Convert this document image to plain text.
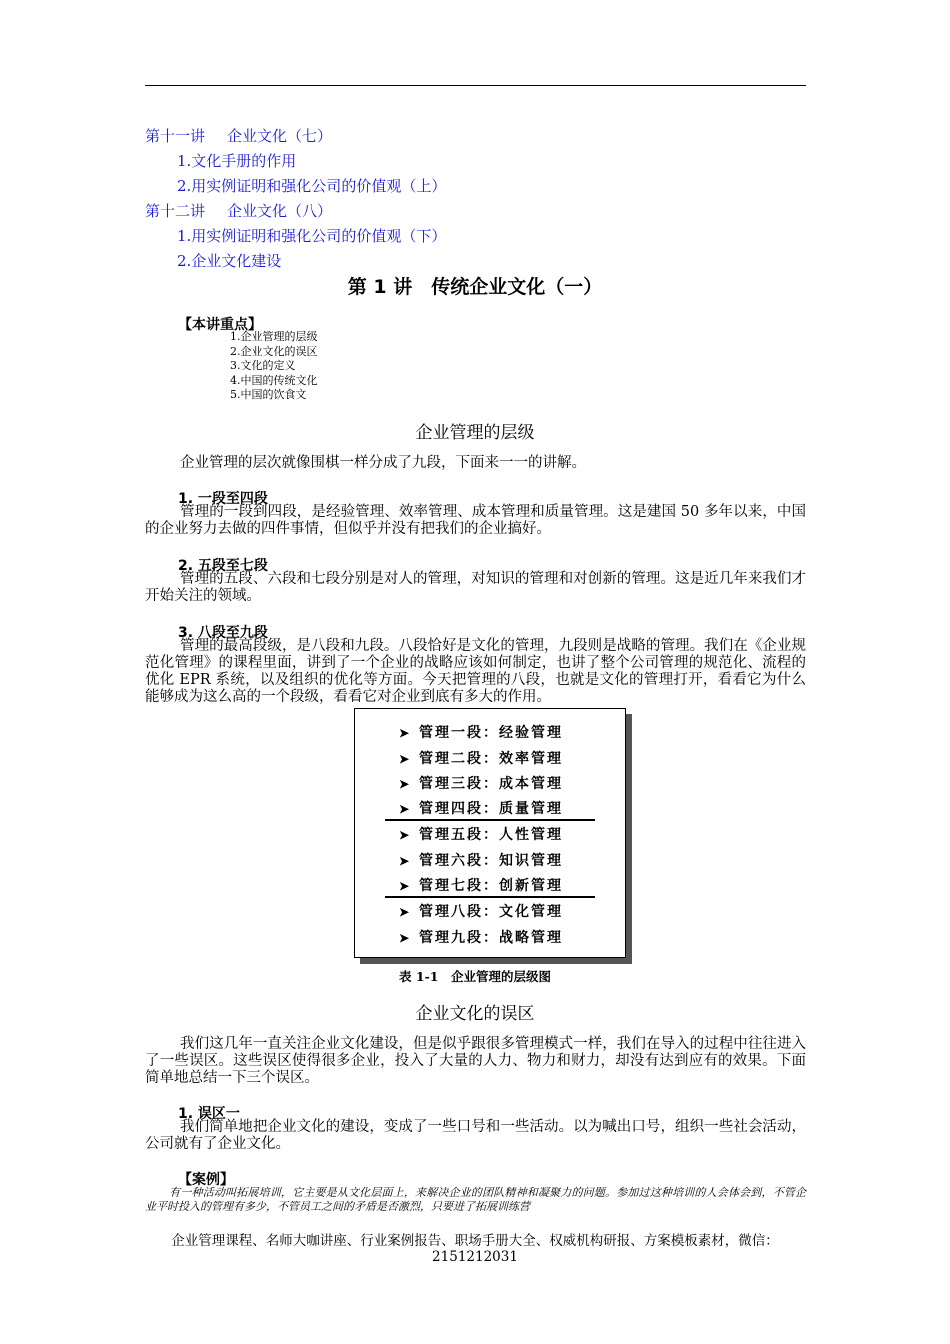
第十一讲 企业文化（七）
1.文化手册的作用
2.用实例证明和强化公司的价值观（上）
第十二讲 企业文化（八）
1.用实例证明和强化公司的价值观（下）
2.企业文化建设
第 1 讲　传统企业文化（一）
【本讲重点】
1.企业管理的层级
2.企业文化的误区
3.文化的定义
4.中国的传统文化
5.中国的饮食文
企业管理的层级
企业管理的层次就像围棋一样分成了九段，下面来一一的讲解。
1. 一段至四段
管理的一段到四段，是经验管理、效率管理、成本管理和质量管理。这是建国 50 多年以来，中国的企业努力去做的四件事情，但似乎并没有把我们的企业搞好。
2. 五段至七段
管理的五段、六段和七段分别是对人的管理，对知识的管理和对创新的管理。这是近几年来我们才开始关注的领域。
3. 八段至九段
管理的最高段级，是八段和九段。八段恰好是文化的管理，九段则是战略的管理。我们在《企业规范化管理》的课程里面，讲到了一个企业的战略应该如何制定，也讲了整个公司管理的规范化、流程的优化 EPR 系统，以及组织的优化等方面。今天把管理的八段，也就是文化的管理打开，看看它为什么能够成为这么高的一个段级，看看它对企业到底有多大的作用。
➤ 管理一段：经验管理
➤ 管理二段：效率管理
➤ 管理三段：成本管理
➤ 管理四段：质量管理
➤ 管理五段：人性管理
➤ 管理六段：知识管理
➤ 管理七段：创新管理
➤ 管理八段：文化管理
➤ 管理九段：战略管理
表 1-1　企业管理的层级图
企业文化的误区
我们这几年一直关注企业文化建设，但是似乎跟很多管理模式一样，我们在导入的过程中往往进入了一些误区。这些误区使得很多企业，投入了大量的人力、物力和财力，却没有达到应有的效果。下面简单地总结一下三个误区。
1. 误区一
我们简单地把企业文化的建设，变成了一些口号和一些活动。以为喊出口号，组织一些社会活动，公司就有了企业文化。
【案例】
有一种活动叫拓展培训，它主要是从文化层面上，来解决企业的团队精神和凝聚力的问题。参加过这种培训的人会体会到，不管企业平时投入的管理有多少，不管员工之间的矛盾是否激烈，只要进了拓展训练营
企业管理课程、名师大咖讲座、行业案例报告、职场手册大全、权威机构研报、方案模板素材，微信：
2151212031
